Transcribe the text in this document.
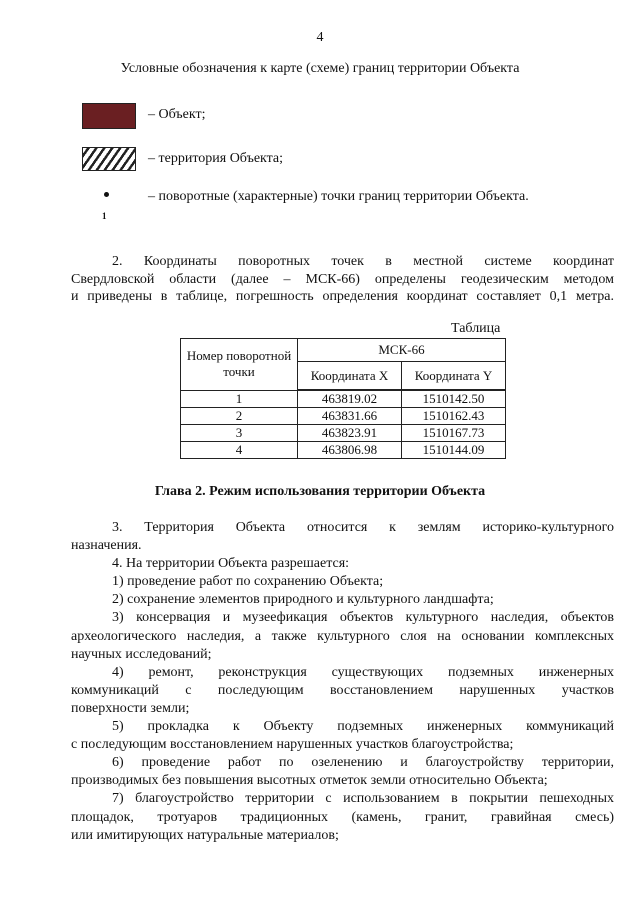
4
Условные обозначения к карте (схеме) границ территории Объекта
– Объект;
– территория Объекта;
– поворотные (характерные) точки границ территории Объекта.
1
2. Координаты поворотных точек в местной системе координат
Свердловской области (далее – МСК-66) определены геодезическим методом
и приведены в таблице, погрешность определения координат составляет 0,1 метра.
Таблица
Номер поворотной точки	МСК-66	
	Координата X	Координата Y
1	463819.02	1510142.50
2	463831.66	1510162.43
3	463823.91	1510167.73
4	463806.98	1510144.09
Глава 2. Режим использования территории Объекта
3. Территория Объекта относится к землям историко-культурного
назначения.
4. На территории Объекта разрешается:
1) проведение работ по сохранению Объекта;
2) сохранение элементов природного и культурного ландшафта;
3) консервация и музеефикация объектов культурного наследия, объектов
археологического наследия, а также культурного слоя на основании комплексных
научных исследований;
4) ремонт, реконструкция существующих подземных инженерных
коммуникаций с последующим восстановлением нарушенных участков
поверхности земли;
5) прокладка к Объекту подземных инженерных коммуникаций
с последующим восстановлением нарушенных участков благоустройства;
6) проведение работ по озеленению и благоустройству территории,
производимых без повышения высотных отметок земли относительно Объекта;
7) благоустройство территории с использованием в покрытии пешеходных
площадок, тротуаров традиционных (камень, гранит, гравийная смесь)
или имитирующих натуральные материалов;
